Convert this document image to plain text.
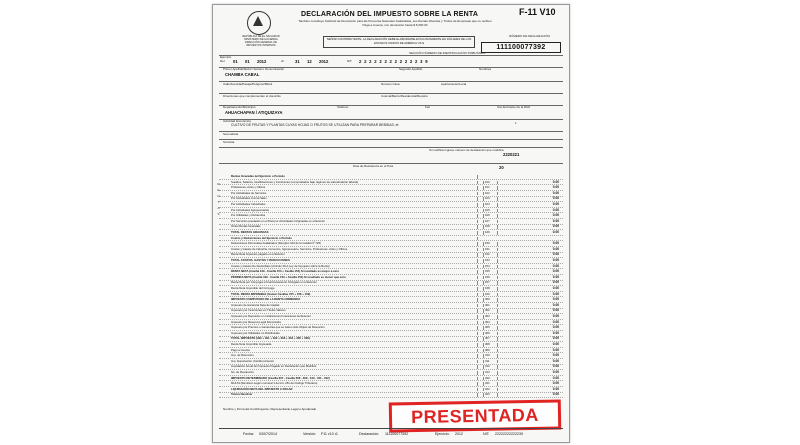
REPÚBLICA DE EL SALVADOR MINISTERIO DE HACIENDA DIRECCIÓN GENERAL DE IMPUESTOS INTERNOS
DECLARACIÓN DEL IMPUESTO SOBRE LA RENTA
También constituye Solicitud de Devolución para las Personas Naturales Asalariadas, sus Rentas Diversas y Títulos de Empresas que no reciben Paga a Cuenta, con devolución hasta $ 5,000.00
F-11 V10
SEÑOR CONTRIBUYENTE, LA DECLARACIÓN DEBE ELABORARSE EXCLUSIVAMENTE EN DÓLARES DE LOS ESTADOS UNIDOS DE AMÉRICA US $
NÚMERO DE DECLARACIÓN
111100077392
Ejercicio
Del 01 01 2012	Al	31 12 2012	NIT 2 2 2 2 2 2 2 2 2 2 2 2 3 9
SECCIÓN NÚMERO DE IDENTIFICACIÓN TRIBUTARIA
Primer Apellido/Razón Social o Denominación	Segundo Apellido	Nombres
CHAMBA CABAL
Calle/Avenida/Pasaje/Polígono/Block	Número Casa	Apartamento/Local
Direcciones que complementan el domicilio	Colonia/Barrio/Residencial/Reparto
Departamento/Municipio	Teléfono	Fax	Uso Exclusivo de la DGII
AHUACHAPAN / ATIQUIZAYA
Actividad Económica
CULTIVO DE FRUTAS Y PLANTAS CUYAS HOJAS O FRUTOS SE UTILIZAN PARA PREPARAR BEBIDAS, et	1
Secundaria
Terciaria
Si modifica ingrese número de declaración que modifica
2220221
Días de Residencia en el País	20
Rentas Gravadas del Ejercicio o Período
Sueldos, Salarios, Gratificaciones y Comisiones (comprobados bajo régimen de subordinación laboral)	100	0.00
Profesiones, Artes y Oficios	101	0.00
Por Actividades de Servicios	102	0.00
Por Actividades Comerciales	103	0.00
Por Actividades Industriales	104	0.00
Por Actividades Agropecuarias	105	0.00
Por Utilidades y Dividendos	106	0.00
Por Servicios prestados en el País por Actividades Originadas en el Exterior	107	0.00
Otras Rentas Gravadas	108	0.00
TOTAL RENTAS GRAVADAS	109	0.00
Costos y Deducciones del Ejercicio o Período
Deducciones Personales Asalariados (Renglón 100 de la Casilla Nº 725)	150	0.00
Costos y Gastos de Industria, Comercio, Agropecuario, Servicios, Profesiones, Artes y Oficios	151	0.00
Renta Neta Impuesto pagado en el Exterior	152	0.00
TOTAL COSTOS, GASTOS Y DEDUCCIONES	153	0.00
Costos y Gastos No Deducibles (Artículo 29-A Ley de Impuesto sobre la Renta)	154	0.00
RENTA NETA (Casilla 109 - Casilla 153 + Casilla 154) Si resultado es mayor a cero	155	0.00
PÉRDIDA NETA (Casilla 109 - Casilla 153 + Casilla 154) Si resultado es menor que cero	156	0.00
Renta Neta por Cónyuges a Fraccionamiento Otorgado en el Exterior	157	0.00
Renta Neta Imponible del Cónyuge	158	0.00
TOTAL RENTA IMPONIBLE (Sumar Casillas 155 + 158 + 159)	160	0.00
IMPUESTO COMPUTADO DE LA RENTA ORDINARIA	300	0.00
Impuesto de Ganancia Neta de Capital	301	0.00
Impuesto por Inversiones en Títulos Valores	302	0.00
Impuesto por Depósitos en Instituciones Financieras del Exterior	303	0.00
Impuesto por Reserva Legal Disminuida	304	0.00
Impuesto por Premios o Ganancias que se hacen sido Objeto de Retención	305	0.00
Impuesto por Utilidades no Distribuidas	306	0.00
TOTAL IMPUESTO (300 + 301 + 302 + 303 + 304 + 305 + 306)	307	0.00
Renta Neta Imponible Ingresada	308	0.00
Pago a Cuenta	309	0.00
Imp. de Retención	310	0.00
Imp. Exportación (Crédito) Anterior	311	0.00
Liquidación Anual del Impuesto Pagado en Declaración que Modifica	312	0.00
No. de Resolución	313	0.00
IMPUESTO DETERMINADO (Casilla 307 - Casilla 308 - 309 - 310 - 311 - 312)	320	0.00
MULTA (Remisión según numeral 1 del Art. 261 del Código Tributario)	321	0.00
LIQUIDACIÓN NETA DEL IMPUESTO A PAGAR	322	0.00
Total a Devolver	323	0.00
R
E
N
T
A
S
Nombre y Firma del Contribuyente, Representante Legal o Apoderado	PRESENTADA
Fecha: 03/07/2014	Versión: F11 v10 r1	Declaración: 111100077392	Ejercicio: 2012	NIT: 22222222222239
